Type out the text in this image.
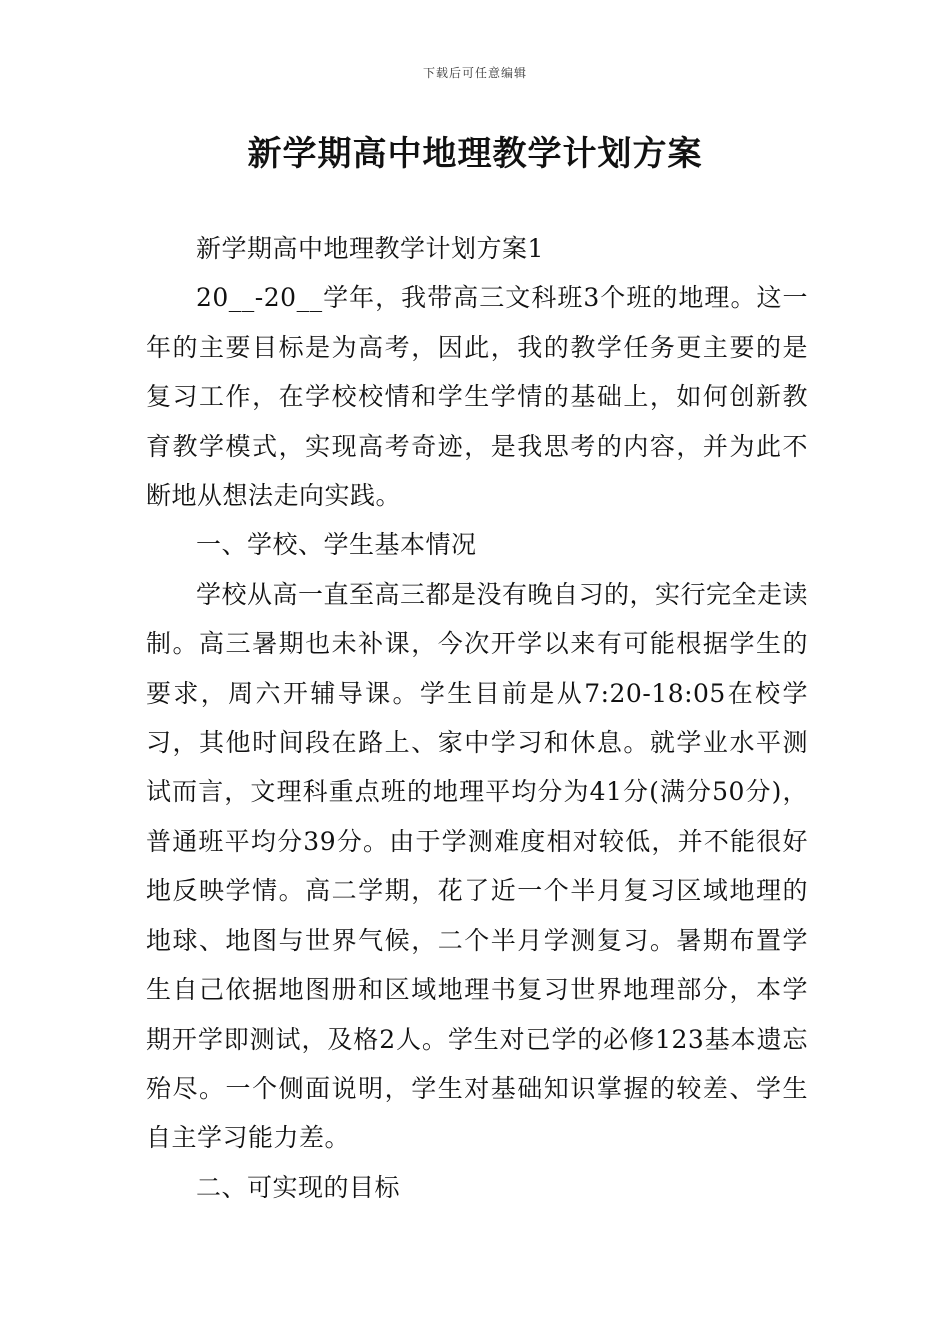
下载后可任意编辑
新学期高中地理教学计划方案

新学期高中地理教学计划方案1

20__-20__学年，我带高三文科班3个班的地理。这一年的主要目标是为高考，因此，我的教学任务更主要的是复习工作，在学校校情和学生学情的基础上，如何创新教育教学模式，实现高考奇迹，是我思考的内容，并为此不断地从想法走向实践。

一、学校、学生基本情况

学校从高一直至高三都是没有晚自习的，实行完全走读制。高三暑期也未补课，今次开学以来有可能根据学生的要求，周六开辅导课。学生目前是从7:20-18:05在校学习，其他时间段在路上、家中学习和休息。就学业水平测试而言，文理科重点班的地理平均分为41分(满分50分)，普通班平均分39分。由于学测难度相对较低，并不能很好地反映学情。高二学期，花了近一个半月复习区域地理的地球、地图与世界气候，二个半月学测复习。暑期布置学生自己依据地图册和区域地理书复习世界地理部分，本学期开学即测试，及格2人。学生对已学的必修123基本遗忘殆尽。一个侧面说明，学生对基础知识掌握的较差、学生自主学习能力差。

二、可实现的目标
